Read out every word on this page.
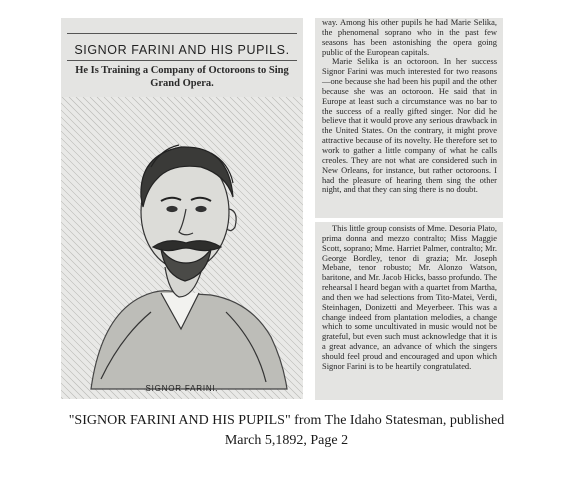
SIGNOR FARINI AND HIS PUPILS.
He Is Training a Company of Octoroons to Sing Grand Opera.
SIGNOR FARINI.

way. Among his other pupils he had Marie Selika, the phenomenal soprano who in the past few seasons has been astonishing the opera going public of the European capitals.

Marie Selika is an octoroon. In her success Signor Farini was much interested for two reasons—one because she had been his pupil and the other because she was an octoroon. He said that in Europe at least such a circumstance was no bar to the success of a really gifted singer. Nor did he believe that it would prove any serious drawback in the United States. On the contrary, it might prove attractive because of its novelty. He therefore set to work to gather a little company of what he calls creoles. They are not what are considered such in New Orleans, for instance, but rather octoroons. I had the pleasure of hearing them sing the other night, and that they can sing there is no doubt.

This little group consists of Mme. Desoria Plato, prima donna and mezzo contralto; Miss Maggie Scott, soprano; Mme. Harriet Palmer, contralto; Mr. George Bordley, tenor di grazia; Mr. Joseph Mebane, tenor robusto; Mr. Alonzo Watson, baritone, and Mr. Jacob Hicks, basso profundo. The rehearsal I heard began with a quartet from Martha, and then we had selections from Tito-Matei, Verdi, Steinhagen, Donizetti and Meyerbeer. This was a change indeed from plantation melodies, a change which to some uncultivated in music would not be grateful, but even such must acknowledge that it is a great advance, an advance of which the singers should feel proud and encouraged and upon which Signor Farini is to be heartily congratulated.

"SIGNOR FARINI AND HIS PUPILS" from The Idaho Statesman, published
March 5,1892, Page 2
